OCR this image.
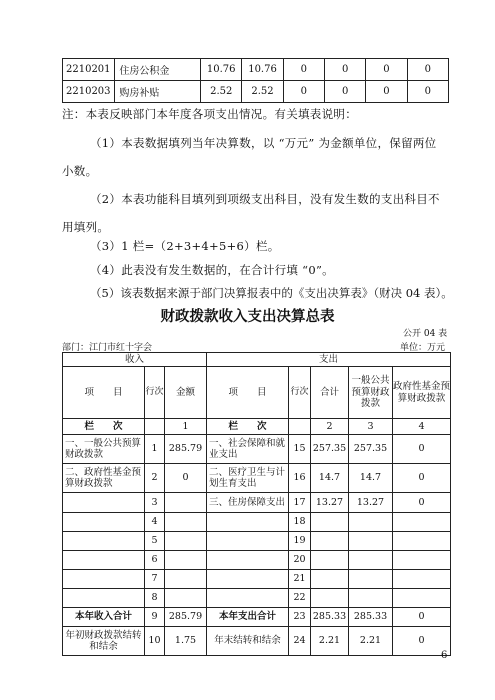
2210201	住房公积金	10.76	10.76	0	0	0	0
2210203	购房补贴	2.52	2.52	0	0	0	0
注：本表反映部门本年度各项支出情况。有关填表说明：
（1）本表数据填列当年决算数，以 “万元” 为金额单位，保留两位
小数。
（2）本表功能科目填列到项级支出科目，没有发生数的支出科目不
用填列。
（3）1 栏=（2+3+4+5+6）栏。
（4）此表没有发生数据的，在合计行填 “0”。
（5）该表数据来源于部门决算报表中的《支出决算表》（财决 04 表）。
财政拨款收入支出决算总表
公开 04 表
部门：江门市红十字会	单位：万元
收入			支出				
项　　目	行次	金额	项　　目	行次	合计	一般公共预算财政拨款	政府性基金预算财政拨款
栏　　次		1	栏　　次		2	3	4
一、一般公共预算财政拨款	1	285.79	一、社会保障和就业支出	15	257.35	257.35	0
二、政府性基金预算财政拨款	2	0	二、医疗卫生与计划生育支出	16	14.7	14.7	0
	3		三、住房保障支出	17	13.27	13.27	0
	4			18			
	5			19			
	6			20			
	7			21			
	8			22			
本年收入合计	9	285.79	本年支出合计	23	285.33	285.33	0
年初财政拨款结转和结余	10	1.75	年末结转和结余	24	2.21	2.21	0
6
